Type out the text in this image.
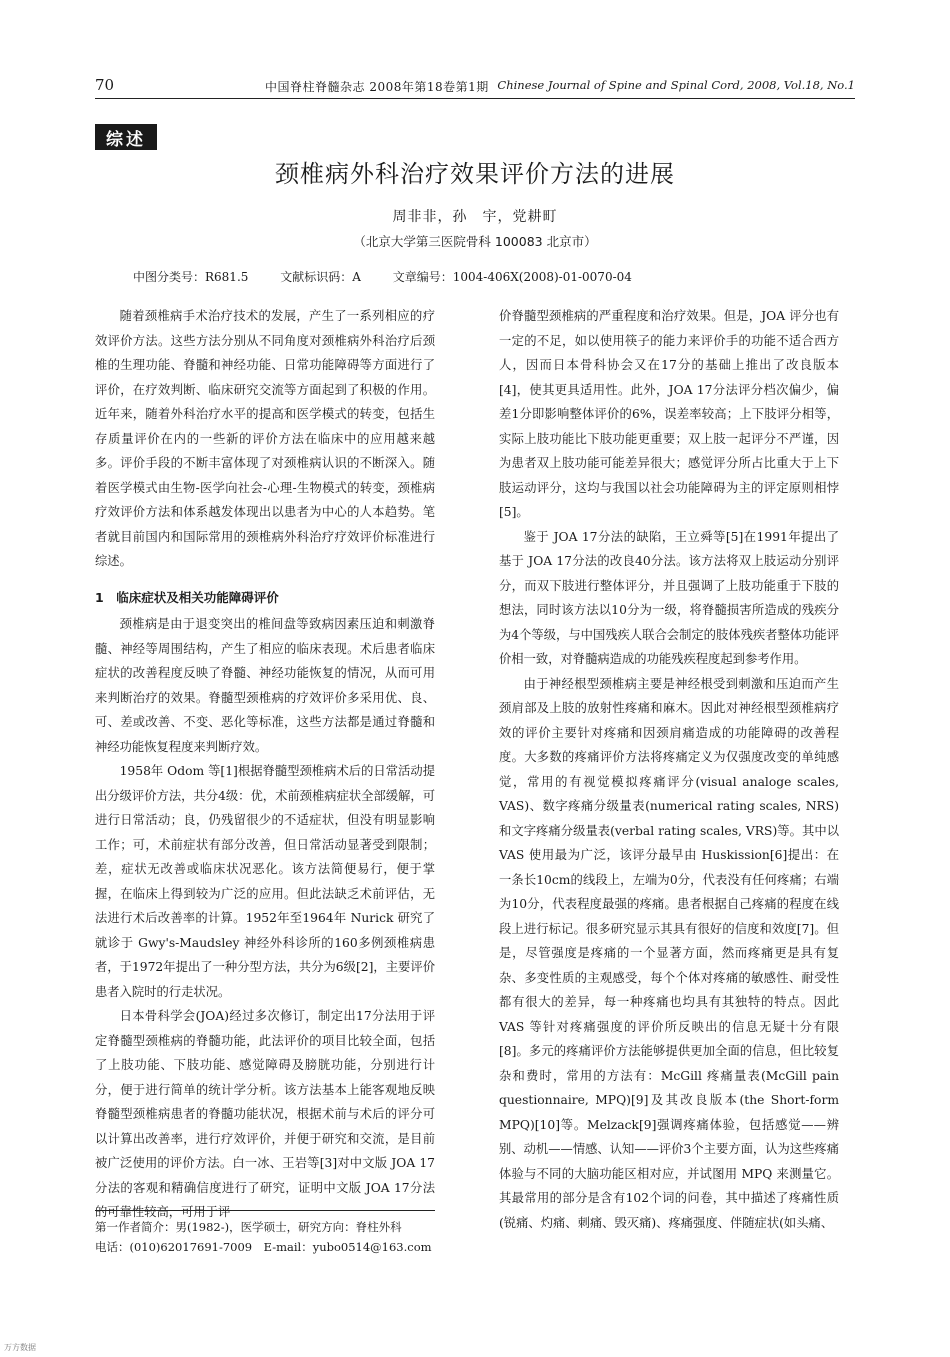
70	中国脊柱脊髓杂志 2008年第18卷第1期 Chinese Journal of Spine and Spinal Cord, 2008, Vol.18, No.1
综述
颈椎病外科治疗效果评价方法的进展
周非非，孙　宇，党耕町
（北京大学第三医院骨科 100083 北京市）
中图分类号：R681.5	文献标识码：A	文章编号：1004-406X(2008)-01-0070-04

随着颈椎病手术治疗技术的发展，产生了一系列相应的疗效评价方法。这些方法分别从不同角度对颈椎病外科治疗后颈椎的生理功能、脊髓和神经功能、日常功能障碍等方面进行了评价，在疗效判断、临床研究交流等方面起到了积极的作用。近年来，随着外科治疗水平的提高和医学模式的转变，包括生存质量评价在内的一些新的评价方法在临床中的应用越来越多。评价手段的不断丰富体现了对颈椎病认识的不断深入。随着医学模式由生物-医学向社会-心理-生物模式的转变，颈椎病疗效评价方法和体系越发体现出以患者为中心的人本趋势。笔者就目前国内和国际常用的颈椎病外科治疗疗效评价标准进行综述。

1　临床症状及相关功能障碍评价

颈椎病是由于退变突出的椎间盘等致病因素压迫和刺激脊髓、神经等周围结构，产生了相应的临床表现。术后患者临床症状的改善程度反映了脊髓、神经功能恢复的情况，从而可用来判断治疗的效果。脊髓型颈椎病的疗效评价多采用优、良、可、差或改善、不变、恶化等标准，这些方法都是通过脊髓和神经功能恢复程度来判断疗效。

1958年 Odom 等[1]根据脊髓型颈椎病术后的日常活动提出分级评价方法，共分4级：优，术前颈椎病症状全部缓解，可进行日常活动；良，仍残留很少的不适症状，但没有明显影响工作；可，术前症状有部分改善，但日常活动显著受到限制；差，症状无改善或临床状况恶化。该方法简便易行，便于掌握，在临床上得到较为广泛的应用。但此法缺乏术前评估，无法进行术后改善率的计算。1952年至1964年 Nurick 研究了就诊于 Gwy's-Maudsley 神经外科诊所的160多例颈椎病患者，于1972年提出了一种分型方法，共分为6级[2]，主要评价患者入院时的行走状况。

日本骨科学会(JOA)经过多次修订，制定出17分法用于评定脊髓型颈椎病的脊髓功能，此法评价的项目比较全面，包括了上肢功能、下肢功能、感觉障碍及膀胱功能，分别进行计分，便于进行简单的统计学分析。该方法基本上能客观地反映脊髓型颈椎病患者的脊髓功能状况，根据术前与术后的评分可以计算出改善率，进行疗效评价，并便于研究和交流，是目前被广泛使用的评价方法。白一冰、王岩等[3]对中文版 JOA 17分法的客观和精确信度进行了研究，证明中文版 JOA 17分法的可靠性较高，可用于评

第一作者简介：男(1982-)，医学硕士，研究方向：脊柱外科
电话：(010)62017691-7009　E-mail：yubo0514@163.com

价脊髓型颈椎病的严重程度和治疗效果。但是，JOA 评分也有一定的不足，如以使用筷子的能力来评价手的功能不适合西方人，因而日本骨科协会又在17分的基础上推出了改良版本[4]，使其更具适用性。此外，JOA 17分法评分档次偏少，偏差1分即影响整体评价的6%，误差率较高；上下肢评分相等，实际上肢功能比下肢功能更重要；双上肢一起评分不严谨，因为患者双上肢功能可能差异很大；感觉评分所占比重大于上下肢运动评分，这均与我国以社会功能障碍为主的评定原则相悖[5]。

鉴于 JOA 17分法的缺陷，王立舜等[5]在1991年提出了基于 JOA 17分法的改良40分法。该方法将双上肢运动分别评分，而双下肢进行整体评分，并且强调了上肢功能重于下肢的想法，同时该方法以10分为一级，将脊髓损害所造成的残疾分为4个等级，与中国残疾人联合会制定的肢体残疾者整体功能评价相一致，对脊髓病造成的功能残疾程度起到参考作用。

由于神经根型颈椎病主要是神经根受到刺激和压迫而产生颈肩部及上肢的放射性疼痛和麻木。因此对神经根型颈椎病疗效的评价主要针对疼痛和因颈肩痛造成的功能障碍的改善程度。大多数的疼痛评价方法将疼痛定义为仅强度改变的单纯感觉，常用的有视觉模拟疼痛评分(visual analoge scales, VAS)、数字疼痛分级量表(numerical rating scales, NRS)和文字疼痛分级量表(verbal rating scales, VRS)等。其中以 VAS 使用最为广泛，该评分最早由 Huskission[6]提出：在一条长10cm的线段上，左端为0分，代表没有任何疼痛；右端为10分，代表程度最强的疼痛。患者根据自己疼痛的程度在线段上进行标记。很多研究显示其具有很好的信度和效度[7]。但是，尽管强度是疼痛的一个显著方面，然而疼痛更是具有复杂、多变性质的主观感受，每个个体对疼痛的敏感性、耐受性都有很大的差异，每一种疼痛也均具有其独特的特点。因此 VAS 等针对疼痛强度的评价所反映出的信息无疑十分有限[8]。多元的疼痛评价方法能够提供更加全面的信息，但比较复杂和费时，常用的方法有：McGill 疼痛量表(McGill pain questionnaire, MPQ)[9]及其改良版本(the Short-form MPQ)[10]等。Melzack[9]强调疼痛体验，包括感觉——辨别、动机——情感、认知——评价3个主要方面，认为这些疼痛体验与不同的大脑功能区相对应，并试图用 MPQ 来测量它。其最常用的部分是含有102个词的问卷，其中描述了疼痛性质(锐痛、灼痛、刺痛、毁灭痛)、疼痛强度、伴随症状(如头痛、

万方数据
